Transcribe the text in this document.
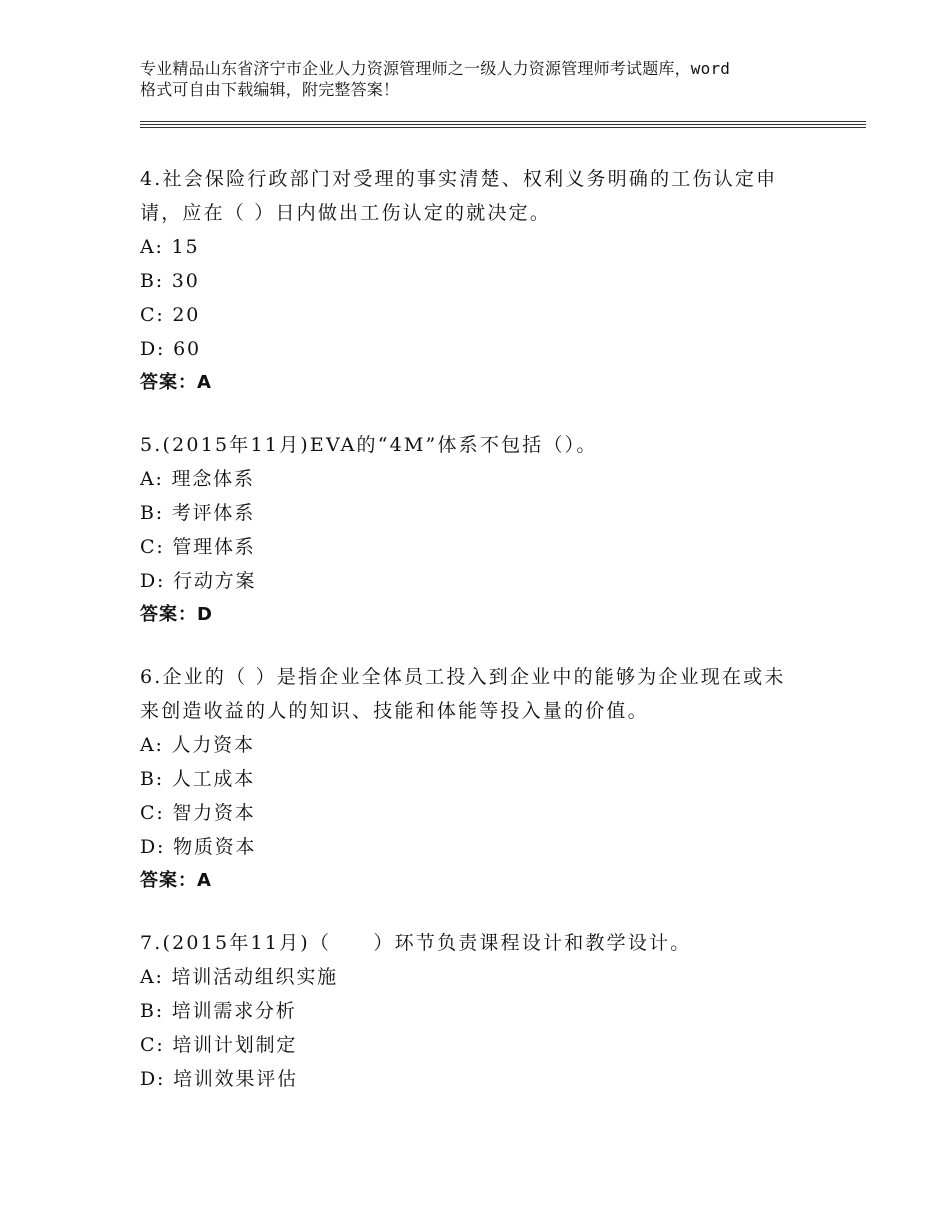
专业精品山东省济宁市企业人力资源管理师之一级人力资源管理师考试题库，word
格式可自由下载编辑，附完整答案！
4.社会保险行政部门对受理的事实清楚、权利义务明确的工伤认定申
请，应在（ ）日内做出工伤认定的就决定。
A: 15
B: 30
C: 20
D: 60
答案：A
5.(2015年11月)EVA的“4M”体系不包括（）。
A: 理念体系
B: 考评体系
C: 管理体系
D: 行动方案
答案：D
6.企业的（ ）是指企业全体员工投入到企业中的能够为企业现在或未
来创造收益的人的知识、技能和体能等投入量的价值。
A: 人力资本
B: 人工成本
C: 智力资本
D: 物质资本
答案：A
7.(2015年11月)（　　）环节负责课程设计和教学设计。
A: 培训活动组织实施
B: 培训需求分析
C: 培训计划制定
D: 培训效果评估
